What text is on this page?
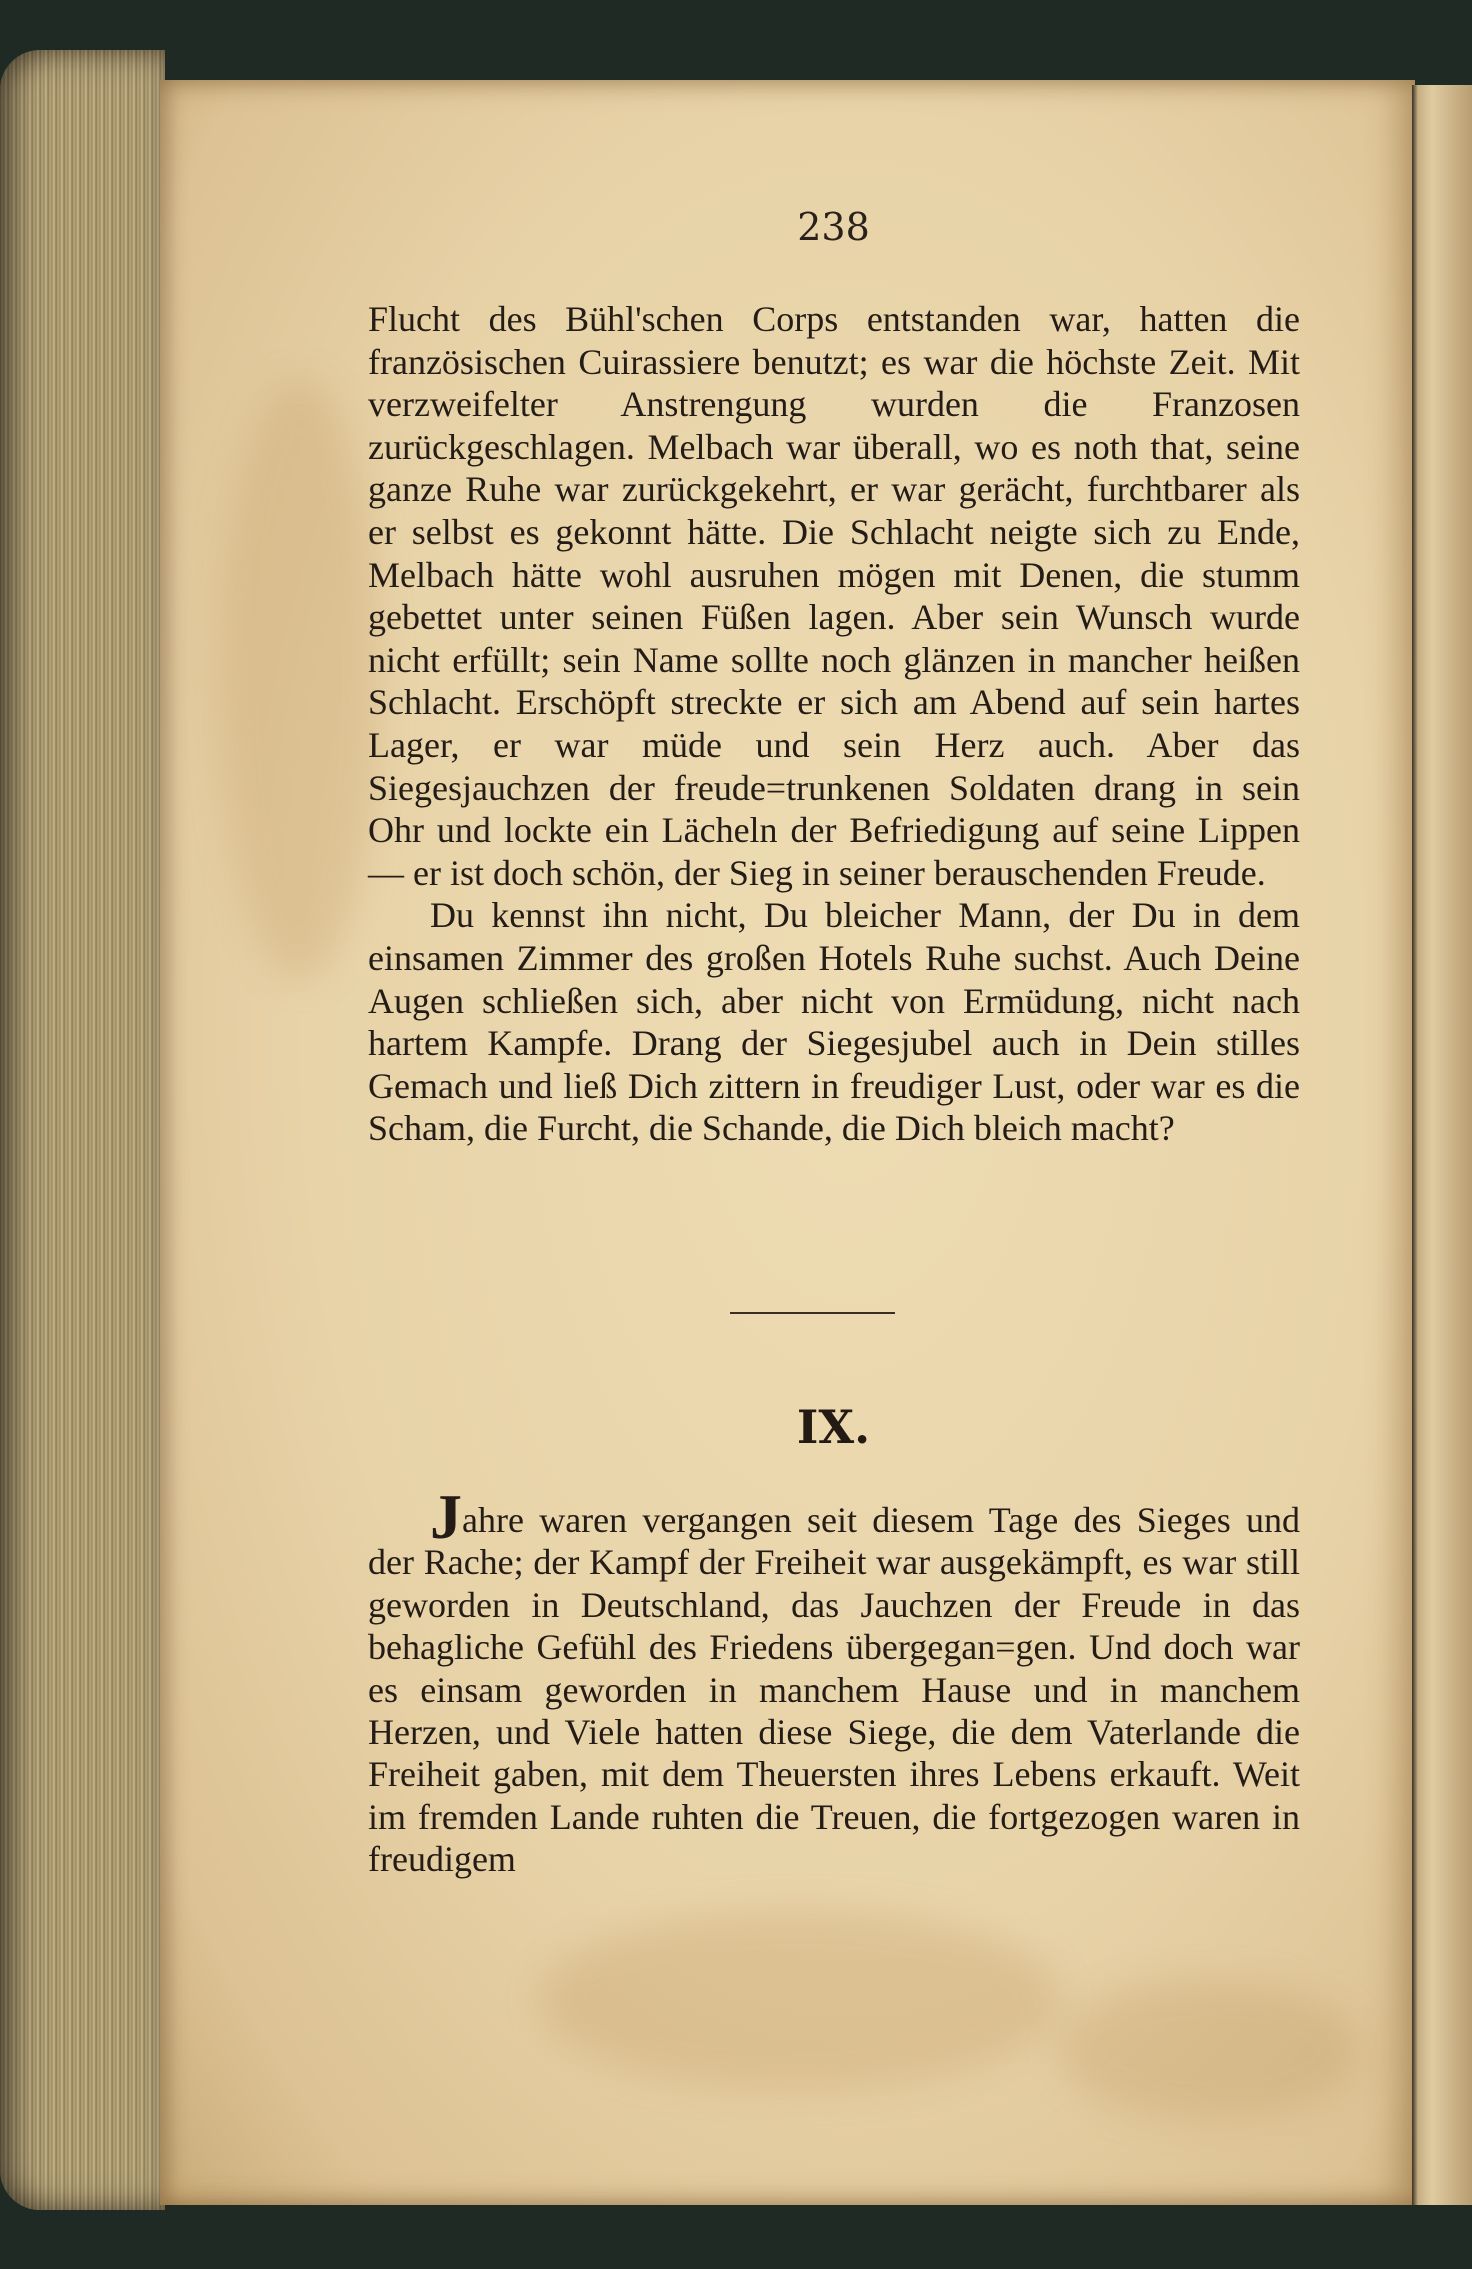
238

Flucht des Bühl'schen Corps entstanden war, hatten die französischen Cuirassiere benutzt; es war die höchste Zeit. Mit verzweifelter Anstrengung wurden die Franzosen zurückgeschlagen. Melbach war überall, wo es noth that, seine ganze Ruhe war zurückgekehrt, er war gerächt, furchtbarer als er selbst es gekonnt hätte. Die Schlacht neigte sich zu Ende, Melbach hätte wohl ausruhen mögen mit Denen, die stumm gebettet unter seinen Füßen lagen. Aber sein Wunsch wurde nicht erfüllt; sein Name sollte noch glänzen in mancher heißen Schlacht. Erschöpft streckte er sich am Abend auf sein hartes Lager, er war müde und sein Herz auch. Aber das Siegesjauchzen der freude=trunkenen Soldaten drang in sein Ohr und lockte ein Lächeln der Befriedigung auf seine Lippen — er ist doch schön, der Sieg in seiner berauschenden Freude.

Du kennst ihn nicht, Du bleicher Mann, der Du in dem einsamen Zimmer des großen Hotels Ruhe suchst. Auch Deine Augen schließen sich, aber nicht von Ermüdung, nicht nach hartem Kampfe. Drang der Siegesjubel auch in Dein stilles Gemach und ließ Dich zittern in freudiger Lust, oder war es die Scham, die Furcht, die Schande, die Dich bleich macht?

IX.

Jahre waren vergangen seit diesem Tage des Sieges und der Rache; der Kampf der Freiheit war ausgekämpft, es war still geworden in Deutschland, das Jauchzen der Freude in das behagliche Gefühl des Friedens übergegan=gen. Und doch war es einsam geworden in manchem Hause und in manchem Herzen, und Viele hatten diese Siege, die dem Vaterlande die Freiheit gaben, mit dem Theuersten ihres Lebens erkauft. Weit im fremden Lande ruhten die Treuen, die fortgezogen waren in freudigem
